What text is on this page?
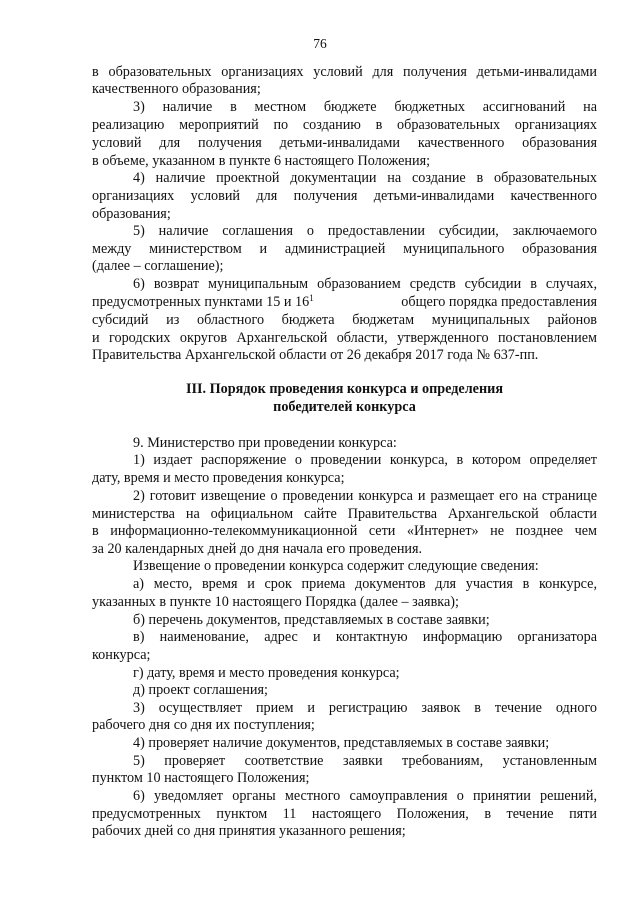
76
в образовательных организациях условий для получения детьми-инвалидами
качественного образования;
3) наличие в местном бюджете бюджетных ассигнований на
реализацию мероприятий по созданию в образовательных организациях
условий для получения детьми-инвалидами качественного образования
в объеме, указанном в пункте 6 настоящего Положения;
4) наличие проектной документации на создание в образовательных
организациях условий для получения детьми-инвалидами качественного
образования;
5) наличие соглашения о предоставлении субсидии, заключаемого
между министерством и администрацией муниципального образования
(далее – соглашение);
6) возврат муниципальным образованием средств субсидии в случаях,
предусмотренных пунктами 15 и $16^1$	общего порядка предоставления
субсидий из областного бюджета бюджетам муниципальных районов
и городских округов Архангельской области, утвержденного постановлением
Правительства Архангельской области от 26 декабря 2017 года № 637-пп.
III. Порядок проведения конкурса и определения
победителей конкурса
9. Министерство при проведении конкурса:
1) издает распоряжение о проведении конкурса, в котором определяет
дату, время и место проведения конкурса;
2) готовит извещение о проведении конкурса и размещает его на странице
министерства на официальном сайте Правительства Архангельской области
в информационно-телекоммуникационной сети «Интернет» не позднее чем
за 20 календарных дней до дня начала его проведения.
Извещение о проведении конкурса содержит следующие сведения:
а) место, время и срок приема документов для участия в конкурсе,
указанных в пункте 10 настоящего Порядка (далее – заявка);
б) перечень документов, представляемых в составе заявки;
в) наименование, адрес и контактную информацию организатора
конкурса;
г) дату, время и место проведения конкурса;
д) проект соглашения;
3) осуществляет прием и регистрацию заявок в течение одного
рабочего дня со дня их поступления;
4) проверяет наличие документов, представляемых в составе заявки;
5) проверяет соответствие заявки требованиям, установленным
пунктом 10 настоящего Положения;
6) уведомляет органы местного самоуправления о принятии решений,
предусмотренных пунктом 11 настоящего Положения, в течение пяти
рабочих дней со дня принятия указанного решения;
